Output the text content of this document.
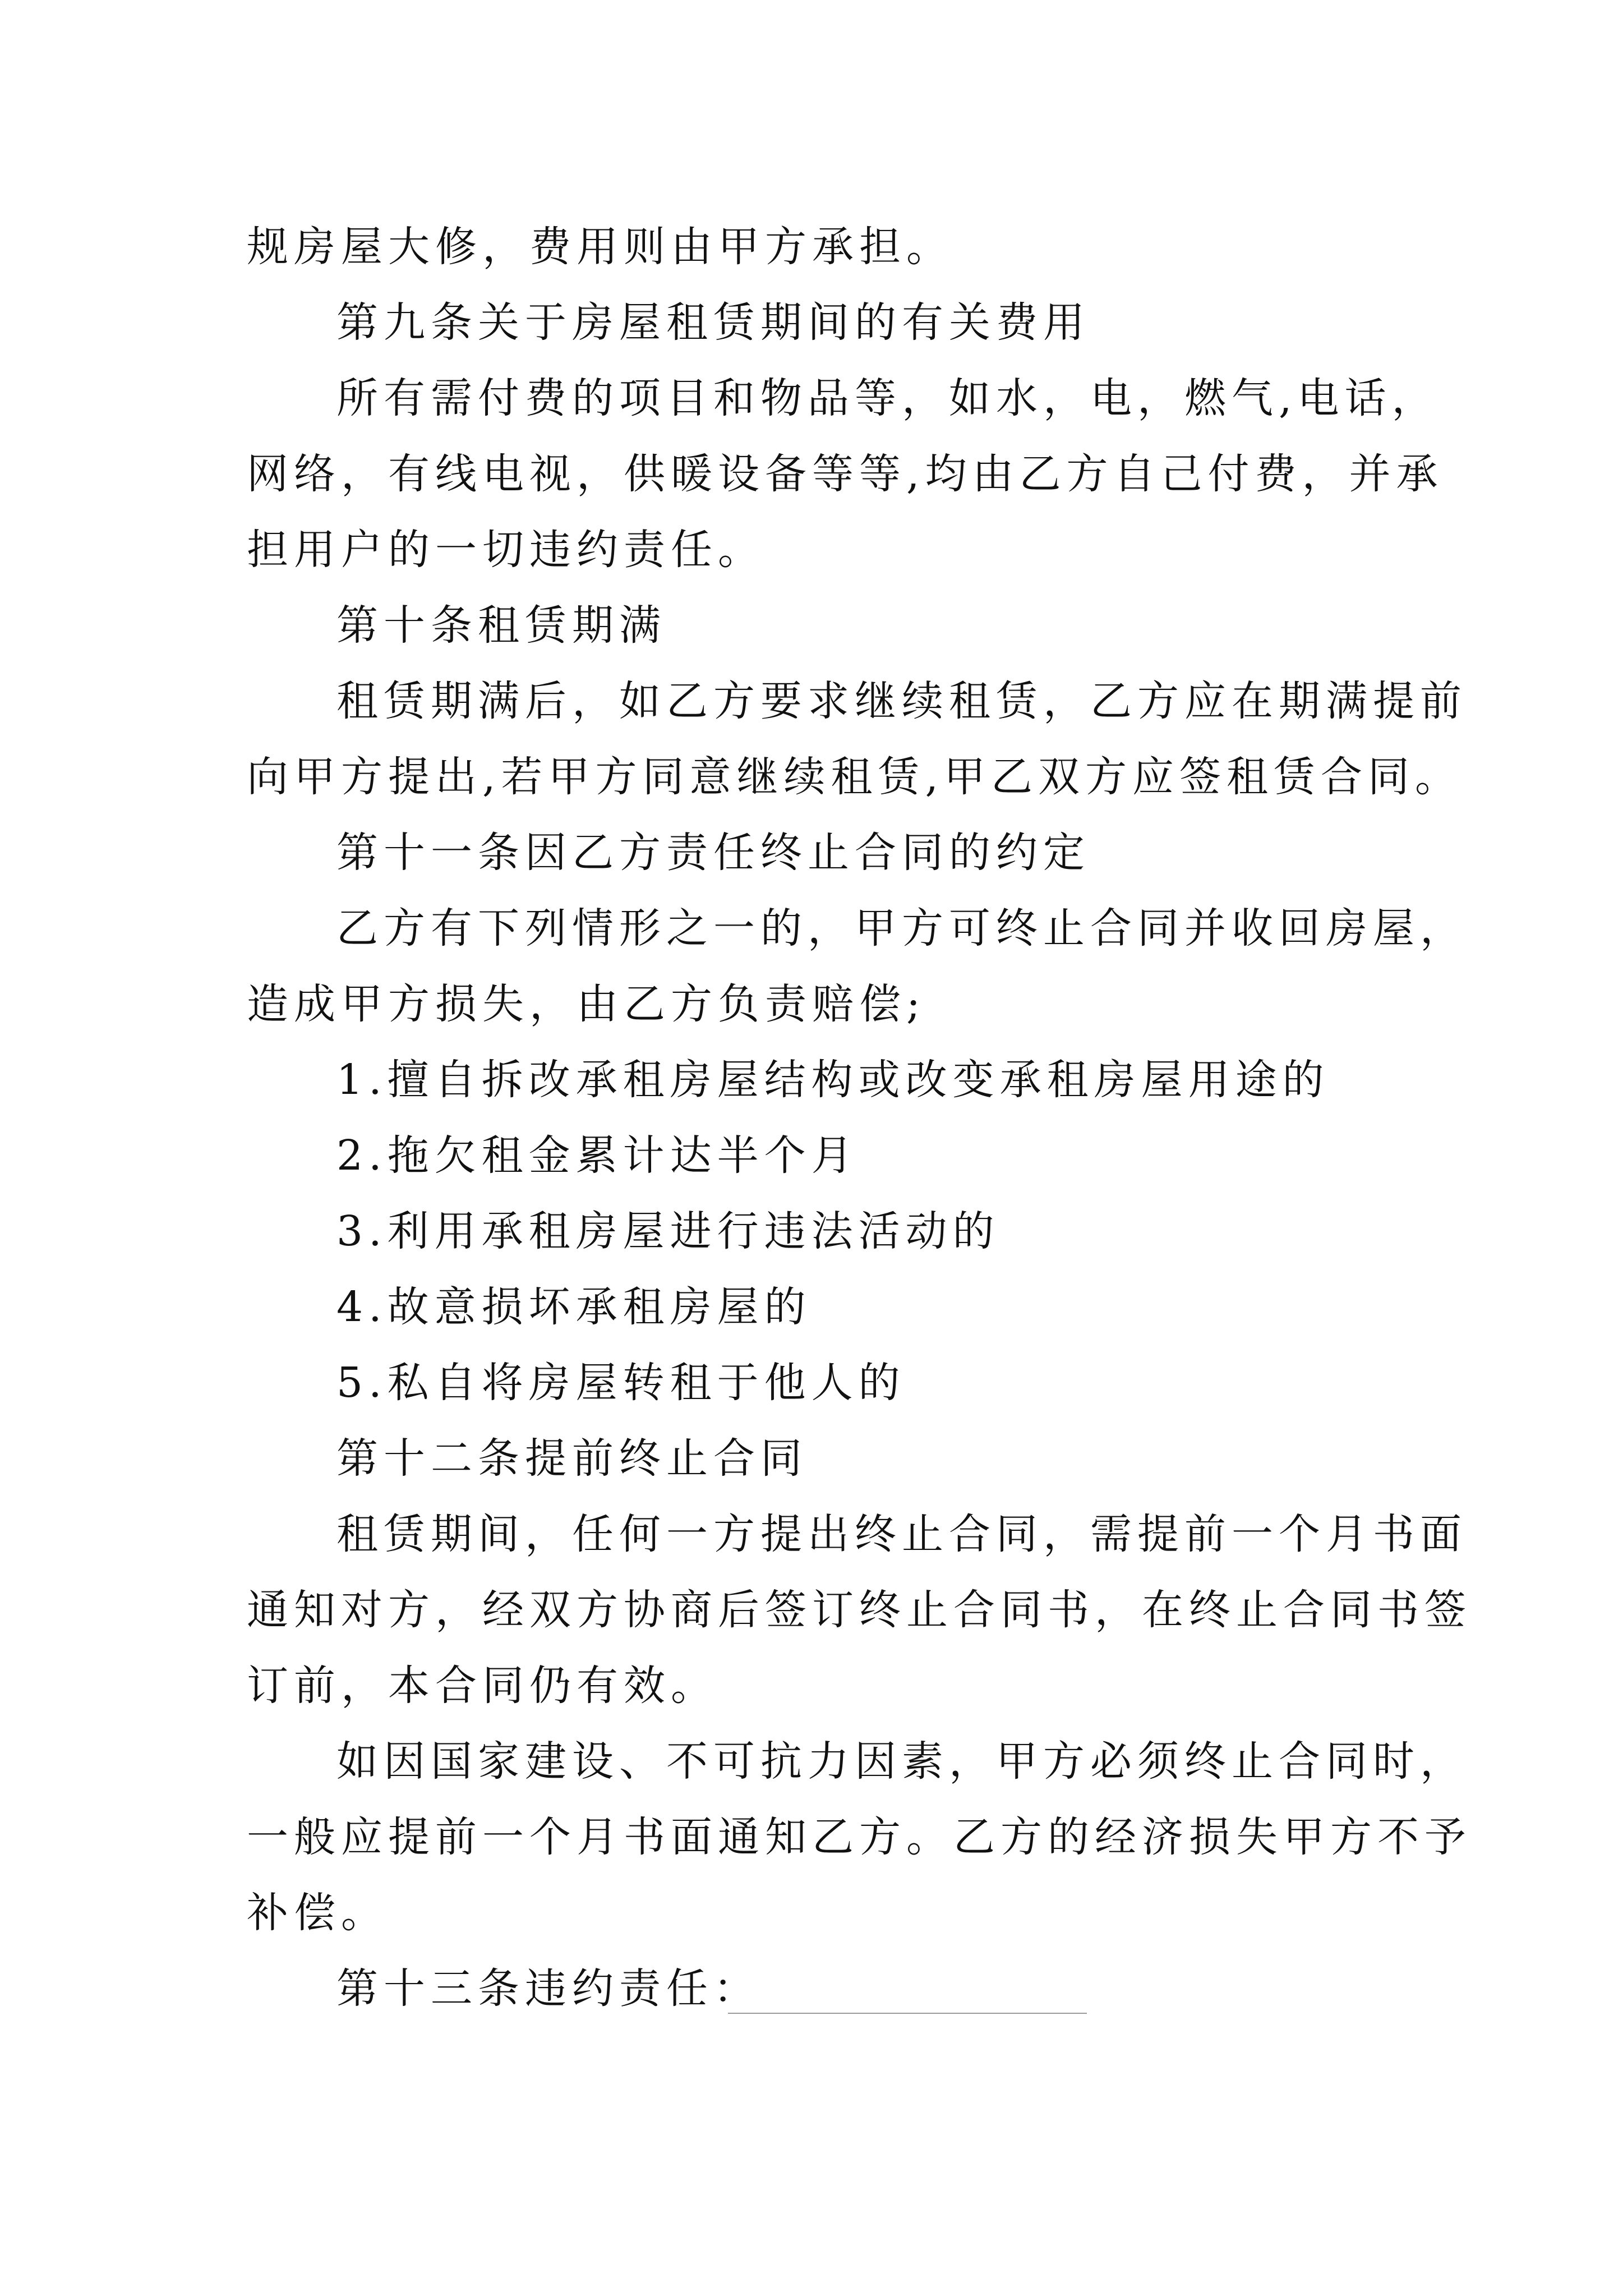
规房屋大修，费用则由甲方承担。
第九条关于房屋租赁期间的有关费用
所有需付费的项目和物品等，如水，电，燃气,电话，
网络，有线电视，供暖设备等等,均由乙方自己付费，并承
担用户的一切违约责任。
第十条租赁期满
租赁期满后，如乙方要求继续租赁，乙方应在期满提前
向甲方提出,若甲方同意继续租赁,甲乙双方应签租赁合同。
第十一条因乙方责任终止合同的约定
乙方有下列情形之一的，甲方可终止合同并收回房屋，
造成甲方损失，由乙方负责赔偿;
1.擅自拆改承租房屋结构或改变承租房屋用途的
2.拖欠租金累计达半个月
3.利用承租房屋进行违法活动的
4.故意损坏承租房屋的
5.私自将房屋转租于他人的
第十二条提前终止合同
租赁期间，任何一方提出终止合同，需提前一个月书面
通知对方，经双方协商后签订终止合同书，在终止合同书签
订前，本合同仍有效。
如因国家建设、不可抗力因素，甲方必须终止合同时，
一般应提前一个月书面通知乙方。乙方的经济损失甲方不予
补偿。
第十三条违约责任：
